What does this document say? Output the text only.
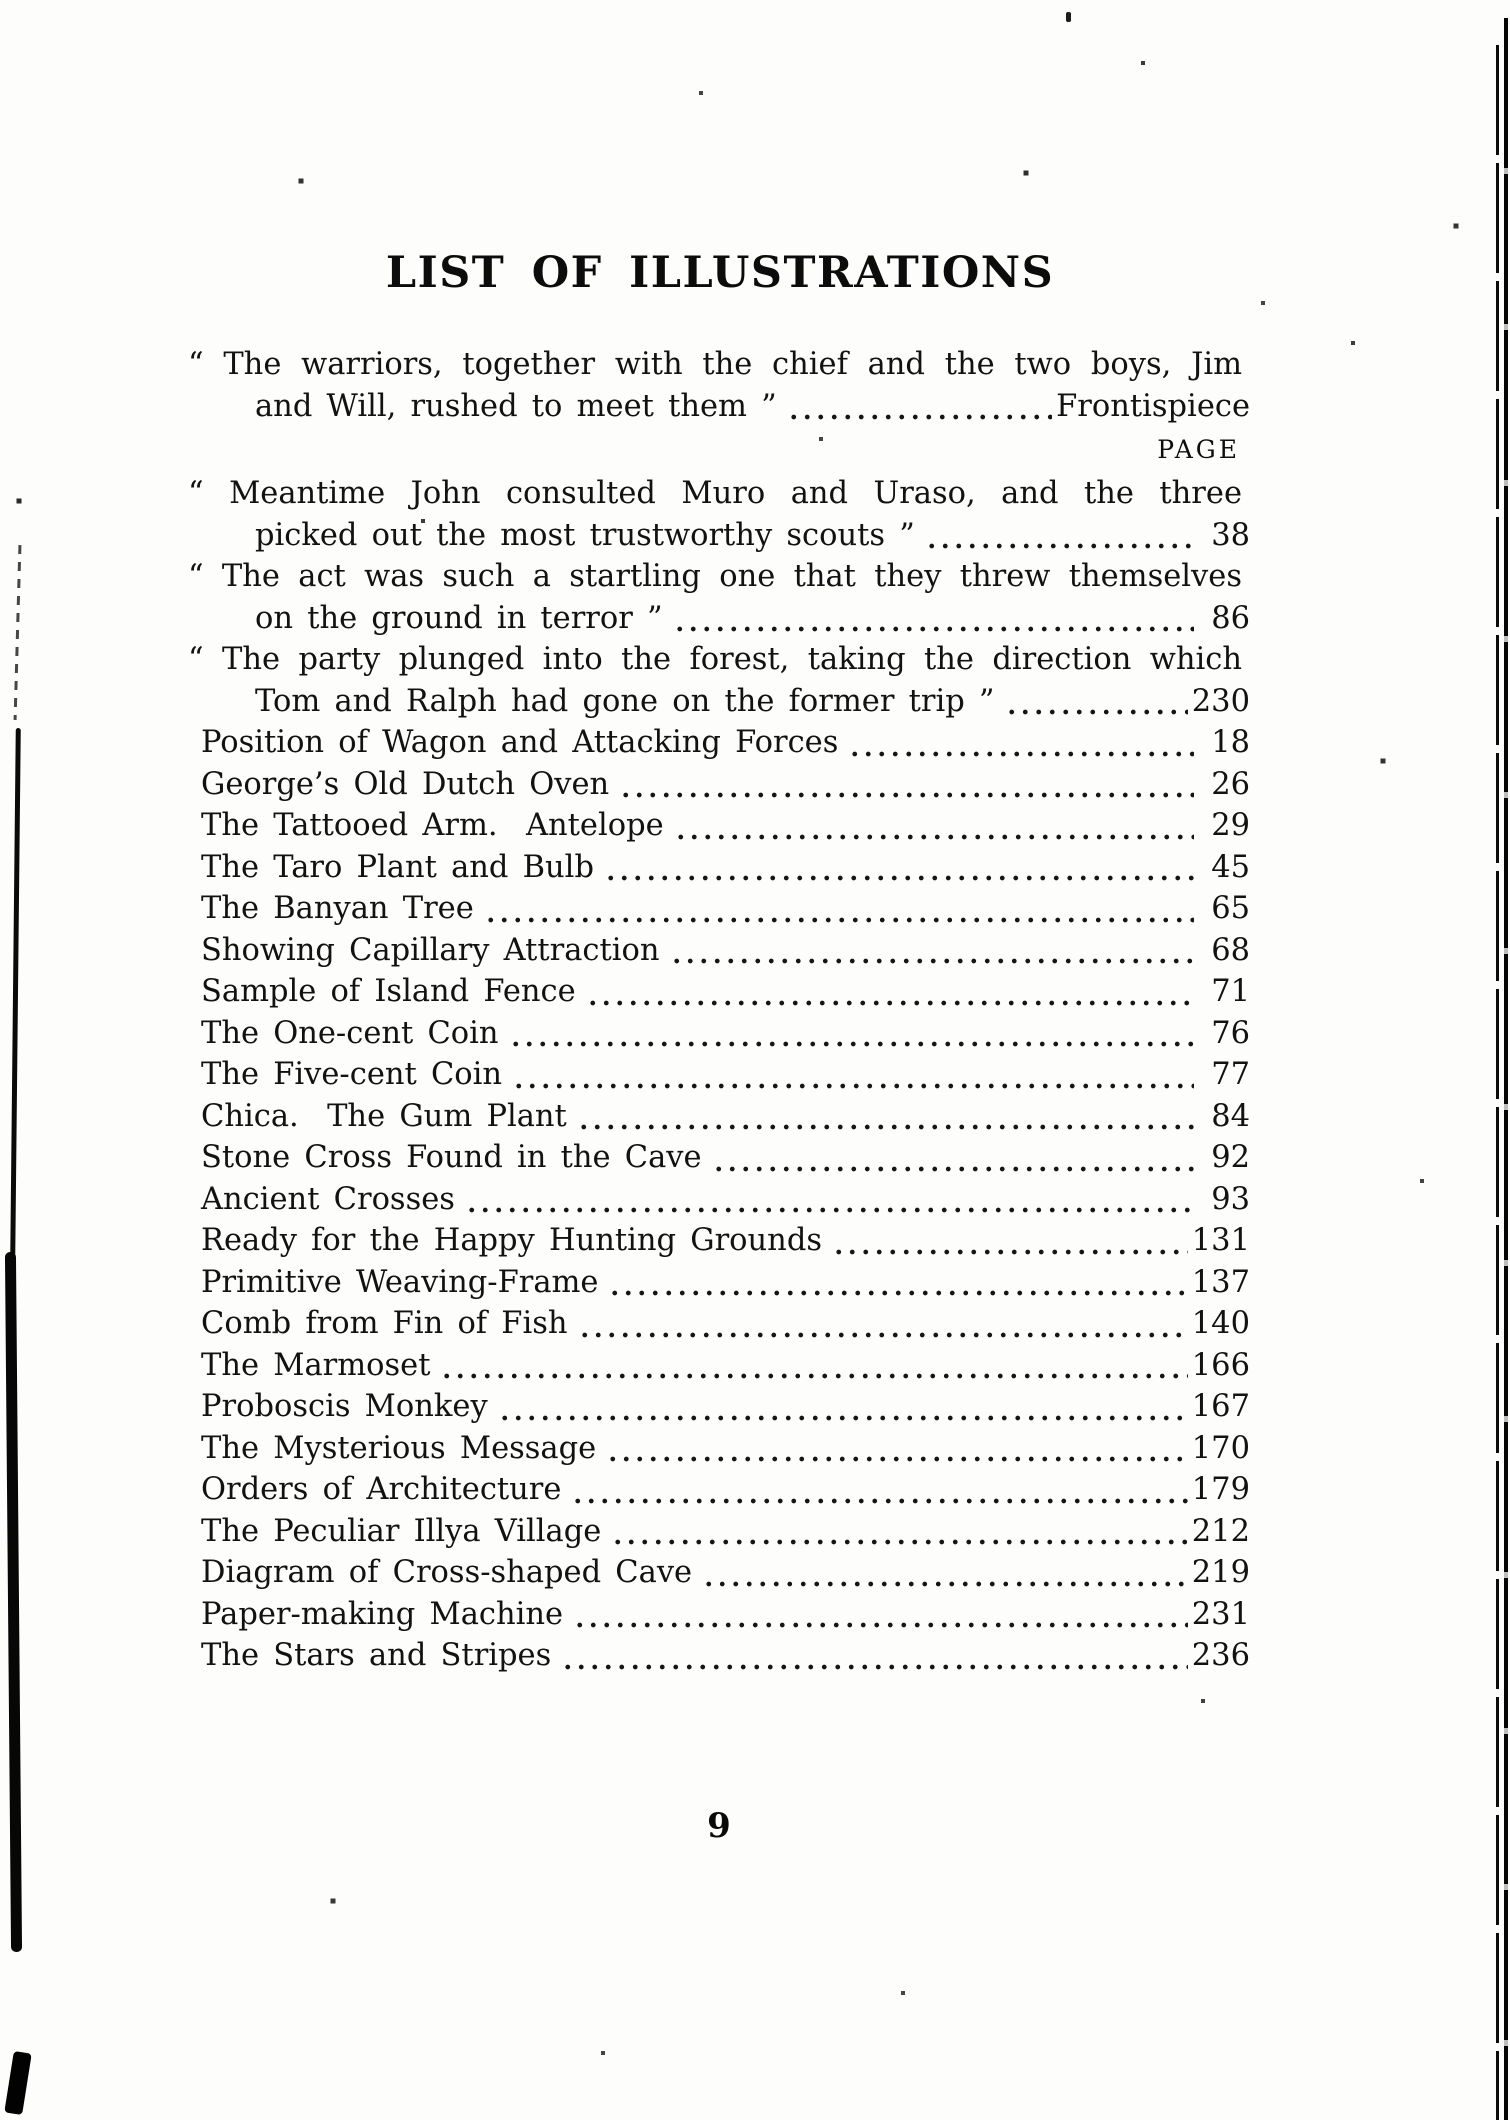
LIST OF ILLUSTRATIONS
“ The warriors, together with the chief and the two boys, Jim
and Will, rushed to meet them ”	Frontispiece
PAGE
“ Meantime John consulted Muro and Uraso, and the three
picked out the most trustworthy scouts ”	38
“ The act was such a startling one that they threw themselves
on the ground in terror ”	86
“ The party plunged into the forest, taking the direction which
Tom and Ralph had gone on the former trip ”	230
Position of Wagon and Attacking Forces	18
George’s Old Dutch Oven	26
The Tattooed Arm.  Antelope	29
The Taro Plant and Bulb	45
The Banyan Tree	65
Showing Capillary Attraction	68
Sample of Island Fence	71
The One-cent Coin	76
The Five-cent Coin	77
Chica.  The Gum Plant	84
Stone Cross Found in the Cave	92
Ancient Crosses	93
Ready for the Happy Hunting Grounds	131
Primitive Weaving-Frame	137
Comb from Fin of Fish	140
The Marmoset	166
Proboscis Monkey	167
The Mysterious Message	170
Orders of Architecture	179
The Peculiar Illya Village	212
Diagram of Cross-shaped Cave	219
Paper-making Machine	231
The Stars and Stripes	236
9
